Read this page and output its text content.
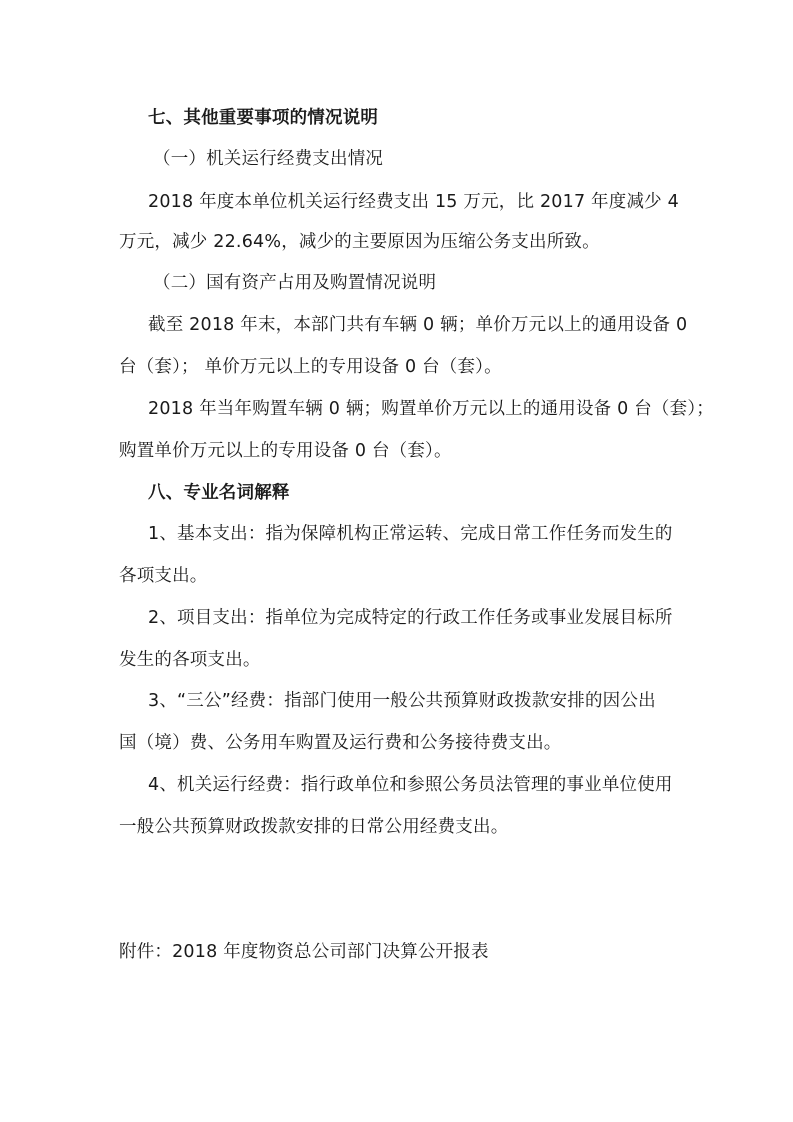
七、其他重要事项的情况说明
（一）机关运行经费支出情况
2018 年度本单位机关运行经费支出 15 万元，比 2017 年度减少 4
万元，减少 22.64%，减少的主要原因为压缩公务支出所致。
（二）国有资产占用及购置情况说明
截至 2018 年末，本部门共有车辆 0 辆；单价万元以上的通用设备 0
台（套）； 单价万元以上的专用设备 0 台（套）。
2018 年当年购置车辆 0 辆；购置单价万元以上的通用设备 0 台（套）；
购置单价万元以上的专用设备 0 台（套）。
八、专业名词解释
1、基本支出：指为保障机构正常运转、完成日常工作任务而发生的
各项支出。
2、项目支出：指单位为完成特定的行政工作任务或事业发展目标所
发生的各项支出。
3、“三公”经费：指部门使用一般公共预算财政拨款安排的因公出
国（境）费、公务用车购置及运行费和公务接待费支出。
4、机关运行经费：指行政单位和参照公务员法管理的事业单位使用
一般公共预算财政拨款安排的日常公用经费支出。
附件：2018 年度物资总公司部门决算公开报表
